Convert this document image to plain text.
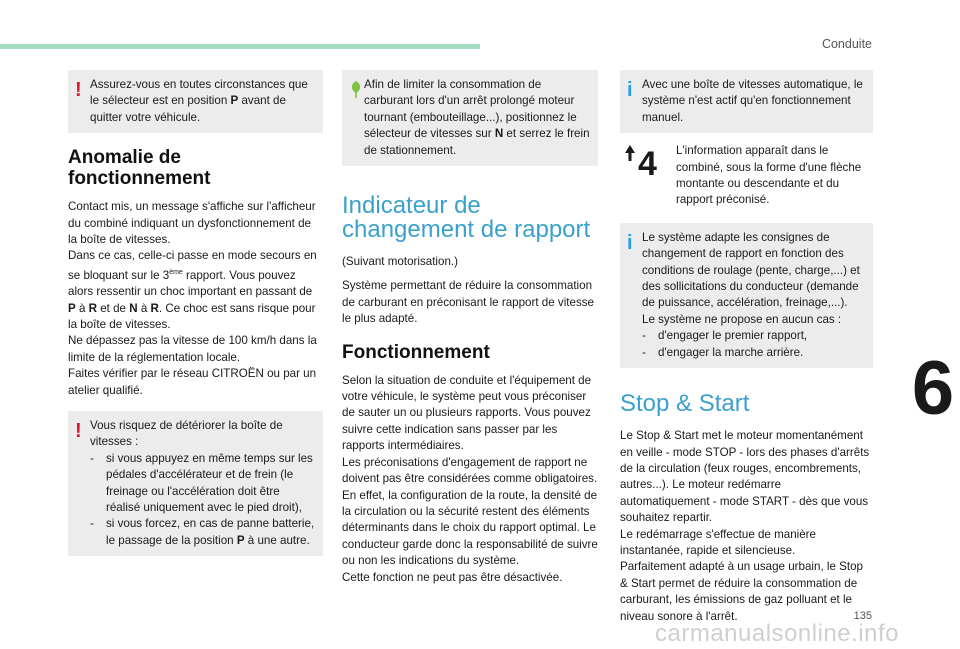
Conduite
! Assurez-vous en toutes circonstances que le sélecteur est en position P avant de quitter votre véhicule.

Anomalie de fonctionnement

Contact mis, un message s'affiche sur l'afficheur du combiné indiquant un dysfonctionnement de la boîte de vitesses.

Dans ce cas, celle-ci passe en mode secours en se bloquant sur le 3ème rapport. Vous pouvez alors ressentir un choc important en passant de P à R et de N à R. Ce choc est sans risque pour la boîte de vitesses.

Ne dépassez pas la vitesse de 100 km/h dans la limite de la réglementation locale.

Faites vérifier par le réseau CITROËN ou par un atelier qualifié.

! Vous risquez de détériorer la boîte de vitesses :

-	si vous appuyez en même temps sur les pédales d'accélérateur et de frein (le freinage ou l'accélération doit être réalisé uniquement avec le pied droit),
-	si vous forcez, en cas de panne batterie, le passage de la position P à une autre.

Afin de limiter la consommation de carburant lors d'un arrêt prolongé moteur tournant (embouteillage...), positionnez le sélecteur de vitesses sur N et serrez le frein de stationnement.

Indicateur de changement de rapport

(Suivant motorisation.)

Système permettant de réduire la consommation de carburant en préconisant le rapport de vitesse le plus adapté.

Fonctionnement

Selon la situation de conduite et l'équipement de votre véhicule, le système peut vous préconiser de sauter un ou plusieurs rapports. Vous pouvez suivre cette indication sans passer par les rapports intermédiaires.

Les préconisations d'engagement de rapport ne doivent pas être considérées comme obligatoires. En effet, la configuration de la route, la densité de la circulation ou la sécurité restent des éléments déterminants dans le choix du rapport optimal. Le conducteur garde donc la responsabilité de suivre ou non les indications du système.

Cette fonction ne peut pas être désactivée.

i Avec une boîte de vitesses automatique, le système n'est actif qu'en fonctionnement manuel.

4 L'information apparaît dans le combiné, sous la forme d'une flèche montante ou descendante et du rapport préconisé.

i Le système adapte les consignes de changement de rapport en fonction des conditions de roulage (pente, charge,...) et des sollicitations du conducteur (demande de puissance, accélération, freinage,...).

Le système ne propose en aucun cas :

-	d'engager le premier rapport,
-	d'engager la marche arrière.
Stop & Start

Le Stop & Start met le moteur momentanément en veille - mode STOP - lors des phases d'arrêts de la circulation (feux rouges, encombrements, autres...). Le moteur redémarre automatiquement - mode START - dès que vous souhaitez repartir.

Le redémarrage s'effectue de manière instantanée, rapide et silencieuse.

Parfaitement adapté à un usage urbain, le Stop & Start permet de réduire la consommation de carburant, les émissions de gaz polluant et le niveau sonore à l'arrêt.

6
135
carmanualsonline.info
